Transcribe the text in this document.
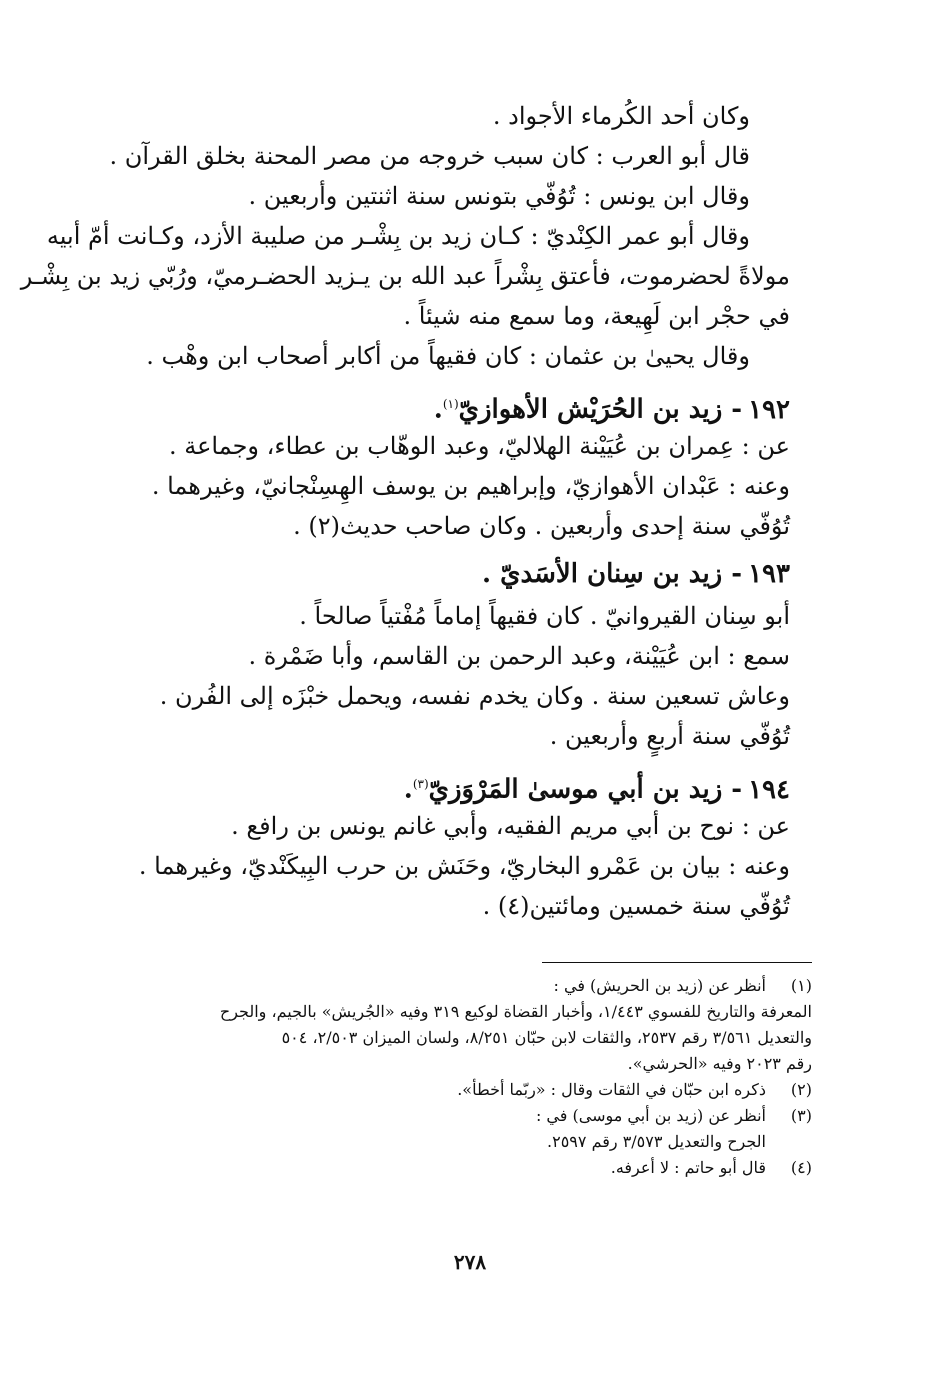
وكان أحد الكُرماء الأجواد .
قال أبو العرب : كان سبب خروجه من مصر المحنة بخلق القرآن .
وقال ابن يونس : تُوُفّي بتونس سنة اثنتين وأربعين .
وقال أبو عمر الكِنْديّ : كـان زيد بن بِشْـر من صليبة الأزد، وكـانت أمّ أبيه
مولاةً لحضرموت، فأعتق بِشْراً عبد الله بن يـزيد الحضـرميّ، ورُبّي زيد بن بِشْـر
في حجْر ابن لَهِيعة، وما سمع منه شيئاً .
وقال يحيىٰ بن عثمان : كان فقيهاً من أكابر أصحاب ابن وهْب .
١٩٢- زيد بن الحُرَيْش الأهوازيّ$^{(١)}$.
عن : عِمران بن عُيَيْنة الهلاليّ، وعبد الوهّاب بن عطاء، وجماعة .
وعنه : عَبْدان الأهوازيّ، وإبراهيم بن يوسف الهِسِنْجانيّ، وغيرهما .
تُوُفّي سنة إحدى وأربعين . وكان صاحب حديث(٢) .
١٩٣- زيد بن سِنان الأسَديّ .
أبو سِنان القيروانيّ . كان فقيهاً إماماً مُفْتياً صالحاً .
سمع : ابن عُيَيْنة، وعبد الرحمن بن القاسم، وأبا ضَمْرة .
وعاش تسعين سنة . وكان يخدم نفسه، ويحمل خبْزَه إلى الفُرن .
تُوُفّي سنة أربعٍ وأربعين .
١٩٤- زيد بن أبي موسىٰ المَرْوَزيّ$^{(٣)}$.
عن : نوح بن أبي مريم الفقيه، وأبي غانم يونس بن رافع .
وعنه : بيان بن عَمْرو البخاريّ، وحَنَش بن حرب البِيكَنْديّ، وغيرهما .
تُوُفّي سنة خمسين ومائتين(٤) .
(١)
أنظر عن (زيد بن الحريش) في :
المعرفة والتاريخ للفسوي ١/٤٤٣، وأخبار القضاة لوكيع ٣١٩ وفيه «الجُريش» بالجيم، والجرح
والتعديل ٣/٥٦١ رقم ٢٥٣٧، والثقات لابن حبّان ٨/٢٥١، ولسان الميزان ٢/٥٠٣، ٥٠٤
رقم ٢٠٢٣ وفيه «الحرشي».
(٢)
ذكره ابن حبّان في الثقات وقال : «ربّما أخطأ».
(٣)
أنظر عن (زيد بن أبي موسى) في :
الجرح والتعديل ٣/٥٧٣ رقم ٢٥٩٧.
(٤)
قال أبو حاتم : لا أعرفه.
٢٧٨
